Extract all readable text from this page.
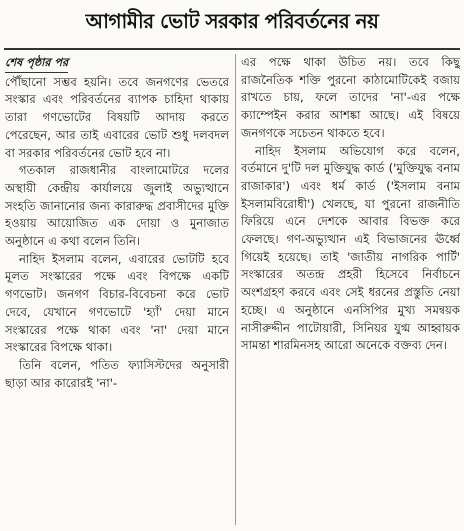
আগামীর ভোট সরকার পরিবর্তনের নয়
শেষ পৃষ্ঠার পর

পৌঁছানো সম্ভব হয়নি। তবে জনগণের ভেতরে সংস্কার এবং পরিবর্তনের ব্যাপক চাহিদা থাকায় তারা গণভোটের বিষয়টি আদায় করতে পেরেছেন, আর তাই এবারের ভোট শুধু দলবদল বা সরকার পরিবর্তনের ভোট হবে না।

গতকাল রাজধানীর বাংলামোটরে দলের অস্থায়ী কেন্দ্রীয় কার্যালয়ে জুলাই অভ্যুত্থানে সংহতি জানানোর জন্য কারারুদ্ধ প্রবাসীদের মুক্তি হওয়ায় আয়োজিত এক দোয়া ও মুনাজাত অনুষ্ঠানে এ কথা বলেন তিনি।

নাহিদ ইসলাম বলেন, এবারের ভোটটি হবে মূলত সংস্কারের পক্ষে এবং বিপক্ষে একটি গণভোট। জনগণ বিচার-বিবেচনা করে ভোট দেবে, যেখানে গণভোটে 'হ্যাঁ' দেয়া মানে সংস্কারের পক্ষে থাকা এবং 'না' দেয়া মানে সংস্কারের বিপক্ষে থাকা।

তিনি বলেন, পতিত ফ্যাসিস্টদের অনুসারী ছাড়া আর কারোরই 'না'-

এর পক্ষে থাকা উচিত নয়। তবে কিছু রাজনৈতিক শক্তি পুরনো কাঠামোটিকেই বজায় রাখতে চায়, ফলে তাদের 'না'-এর পক্ষে ক্যাম্পেইন করার আশঙ্কা আছে। এই বিষয়ে জনগণকে সচেতন থাকতে হবে।

নাহিদ ইসলাম অভিযোগ করে বলেন, বর্তমানে দু'টি দল মুক্তিযুদ্ধ কার্ড ('মুক্তিযুদ্ধ বনাম রাজাকার') এবং ধর্ম কার্ড ('ইসলাম বনাম ইসলামবিরোধী') খেলছে, যা পুরনো রাজনীতি ফিরিয়ে এনে দেশকে আবার বিভক্ত করে ফেলছে। গণ-অভ্যুত্থান এই বিভাজনের ঊর্ধ্বে গিয়েই হয়েছে। তাই 'জাতীয় নাগরিক পার্টি' সংস্কারের অতন্দ্র প্রহরী হিসেবে নির্বাচনে অংশগ্রহণ করবে এবং সেই ধরনের প্রস্তুতি নেয়া হচ্ছে। এ অনুষ্ঠানে এনসিপির মুখ্য সমন্বয়ক নাসীরুদ্দীন পাটোয়ারী, সিনিয়র যুগ্ম আহ্বায়ক সামন্তা শারমিনসহ আরো অনেকে বক্তব্য দেন।
